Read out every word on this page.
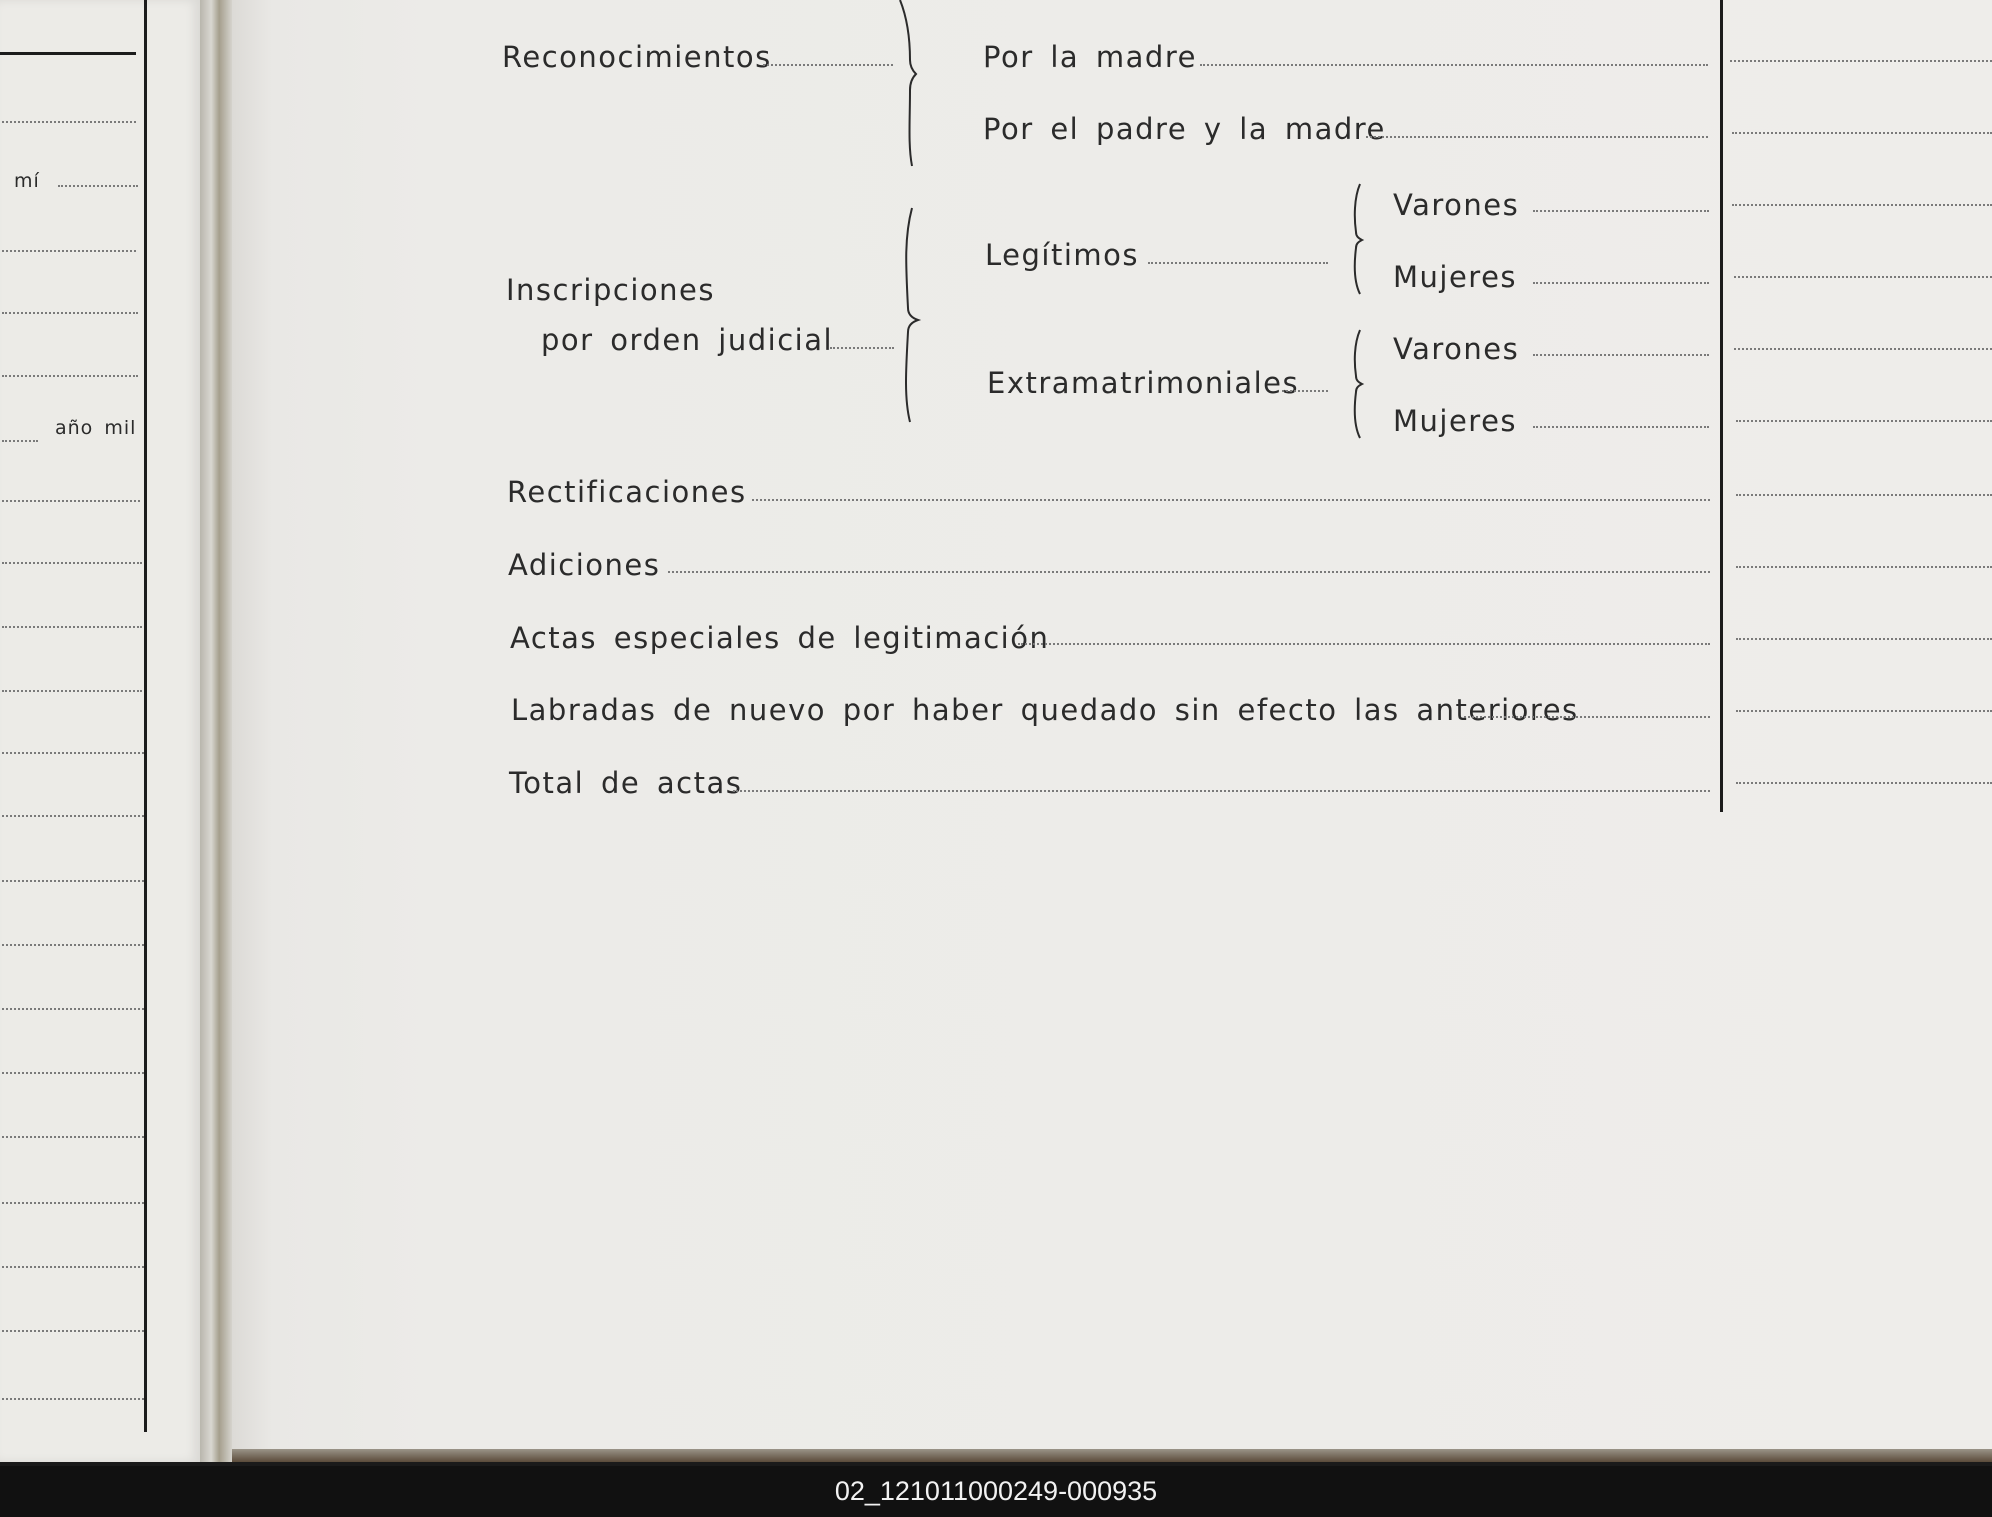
mí
año mil
Reconocimientos	Por la madre
Por el padre y la madre
Inscripciones
por orden judicial
Legítimos
Varones
Mujeres
Extramatrimoniales
Varones
Mujeres
Rectificaciones
Adiciones
Actas especiales de legitimación
Labradas de nuevo por haber quedado sin efecto las anteriores
Total de actas
02_121011000249-000935
